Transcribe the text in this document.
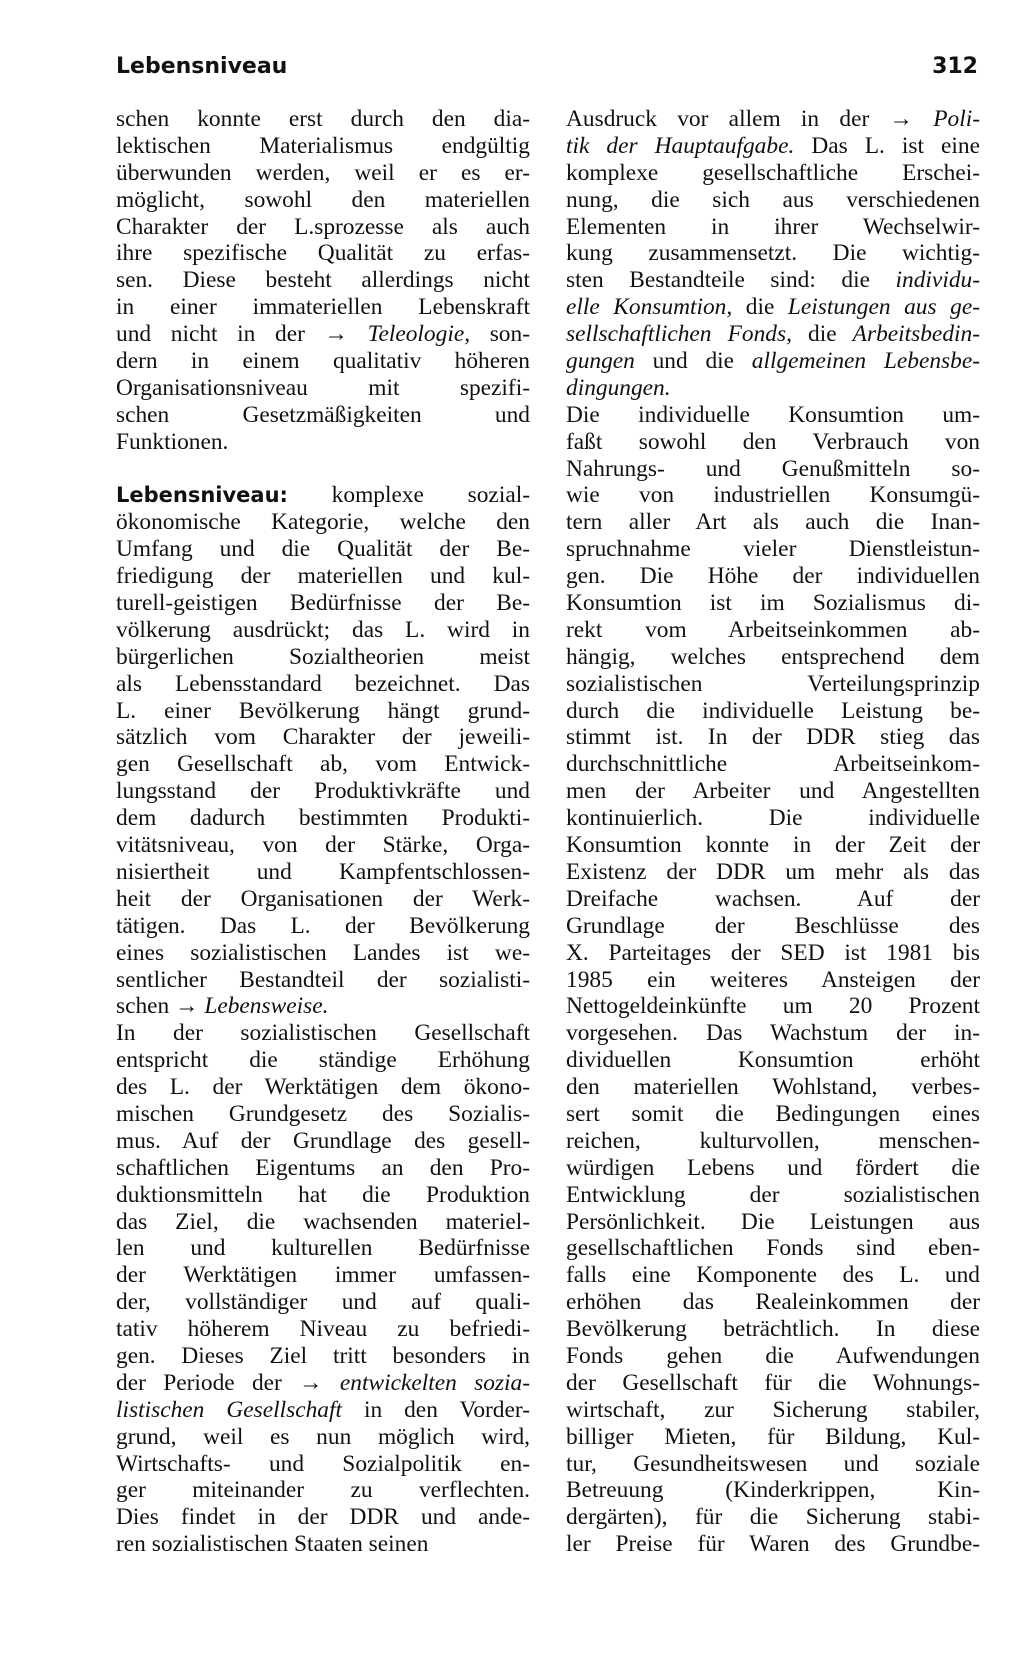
Lebensniveau	312
schen konnte erst durch den dia-
lektischen Materialismus endgültig
überwunden werden, weil er es er-
möglicht, sowohl den materiellen
Charakter der L.sprozesse als auch
ihre spezifische Qualität zu erfas-
sen. Diese besteht allerdings nicht
in einer immateriellen Lebenskraft
und nicht in der → Teleologie, son-
dern in einem qualitativ höheren
Organisationsniveau mit spezifi-
schen Gesetzmäßigkeiten und
Funktionen.
Lebensniveau: komplexe sozial-
ökonomische Kategorie, welche den
Umfang und die Qualität der Be-
friedigung der materiellen und kul-
turell-geistigen Bedürfnisse der Be-
völkerung ausdrückt; das L. wird in
bürgerlichen Sozialtheorien meist
als Lebensstandard bezeichnet. Das
L. einer Bevölkerung hängt grund-
sätzlich vom Charakter der jeweili-
gen Gesellschaft ab, vom Entwick-
lungsstand der Produktivkräfte und
dem dadurch bestimmten Produkti-
vitätsniveau, von der Stärke, Orga-
nisiertheit und Kampfentschlossen-
heit der Organisationen der Werk-
tätigen. Das L. der Bevölkerung
eines sozialistischen Landes ist we-
sentlicher Bestandteil der sozialisti-
schen → Lebensweise.
In der sozialistischen Gesellschaft
entspricht die ständige Erhöhung
des L. der Werktätigen dem ökono-
mischen Grundgesetz des Sozialis-
mus. Auf der Grundlage des gesell-
schaftlichen Eigentums an den Pro-
duktionsmitteln hat die Produktion
das Ziel, die wachsenden materiel-
len und kulturellen Bedürfnisse
der Werktätigen immer umfassen-
der, vollständiger und auf quali-
tativ höherem Niveau zu befriedi-
gen. Dieses Ziel tritt besonders in
der Periode der → entwickelten soziа-
listischen Gesellschaft in den Vorder-
grund, weil es nun möglich wird,
Wirtschafts- und Sozialpolitik en-
ger miteinander zu verflechten.
Dies findet in der DDR und ande-
ren sozialistischen Staaten seinen
Ausdruck vor allem in der → Poli-
tik der Hauptaufgabe. Das L. ist eine
komplexe gesellschaftliche Erschei-
nung, die sich aus verschiedenen
Elementen in ihrer Wechselwir-
kung zusammensetzt. Die wichtig-
sten Bestandteile sind: die individu-
elle Konsumtion, die Leistungen aus ge-
sellschaftlichen Fonds, die Arbeitsbedin-
gungen und die allgemeinen Lebensbe-
dingungen.
Die individuelle Konsumtion um-
faßt sowohl den Verbrauch von
Nahrungs- und Genußmitteln so-
wie von industriellen Konsumgü-
tern aller Art als auch die Inan-
spruchnahme vieler Dienstleistun-
gen. Die Höhe der individuellen
Konsumtion ist im Sozialismus di-
rekt vom Arbeitseinkommen ab-
hängig, welches entsprechend dem
sozialistischen Verteilungsprinzip
durch die individuelle Leistung be-
stimmt ist. In der DDR stieg das
durchschnittliche Arbeitseinkom-
men der Arbeiter und Angestellten
kontinuierlich. Die individuelle
Konsumtion konnte in der Zeit der
Existenz der DDR um mehr als das
Dreifache wachsen. Auf der
Grundlage der Beschlüsse des
X. Parteitages der SED ist 1981 bis
1985 ein weiteres Ansteigen der
Nettogeldeinkünfte um 20 Prozent
vorgesehen. Das Wachstum der in-
dividuellen Konsumtion erhöht
den materiellen Wohlstand, verbes-
sert somit die Bedingungen eines
reichen, kulturvollen, menschen-
würdigen Lebens und fördert die
Entwicklung der sozialistischen
Persönlichkeit. Die Leistungen aus
gesellschaftlichen Fonds sind eben-
falls eine Komponente des L. und
erhöhen das Realeinkommen der
Bevölkerung beträchtlich. In diese
Fonds gehen die Aufwendungen
der Gesellschaft für die Wohnungs-
wirtschaft, zur Sicherung stabiler,
billiger Mieten, für Bildung, Kul-
tur, Gesundheitswesen und soziale
Betreuung (Kinderkrippen, Kin-
dergärten), für die Sicherung stabi-
ler Preise für Waren des Grundbe-
